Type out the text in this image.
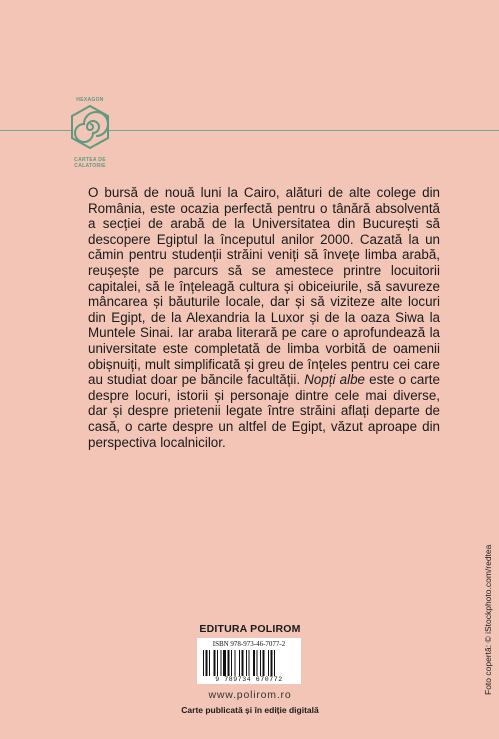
HEXAGON
CARTEA DE CALATORIE

O bursă de nouă luni la Cairo, alături de alte colege din România, este ocazia perfectă pentru o tânără absolventă a secției de arabă de la Universitatea din București să descopere Egiptul la începutul anilor 2000. Cazată la un cămin pentru studenții străini veniți să învețe limba arabă, reușește pe parcurs să se amestece printre locuitorii capitalei, să le înțeleagă cultura și obiceiurile, să savureze mâncarea și băuturile locale, dar și să viziteze alte locuri din Egipt, de la Alexandria la Luxor și de la oaza Siwa la Muntele Sinai. Iar araba literară pe care o aprofundează la universitate este completată de limba vorbită de oamenii obișnuiți, mult simplificată și greu de înțeles pentru cei care au studiat doar pe băncile facultății. Nopți albe este o carte despre locuri, istorii și personaje dintre cele mai diverse, dar și despre prietenii legate între străini aflați departe de casă, o carte despre un altfel de Egipt, văzut aproape din perspectiva localnicilor.

EDITURA POLIROM
ISBN 978-973-46-7077-2
9 789734 670772
www.polirom.ro
Carte publicată și în ediție digitală
Foto copertă: © iStockphoto.com/redtea
